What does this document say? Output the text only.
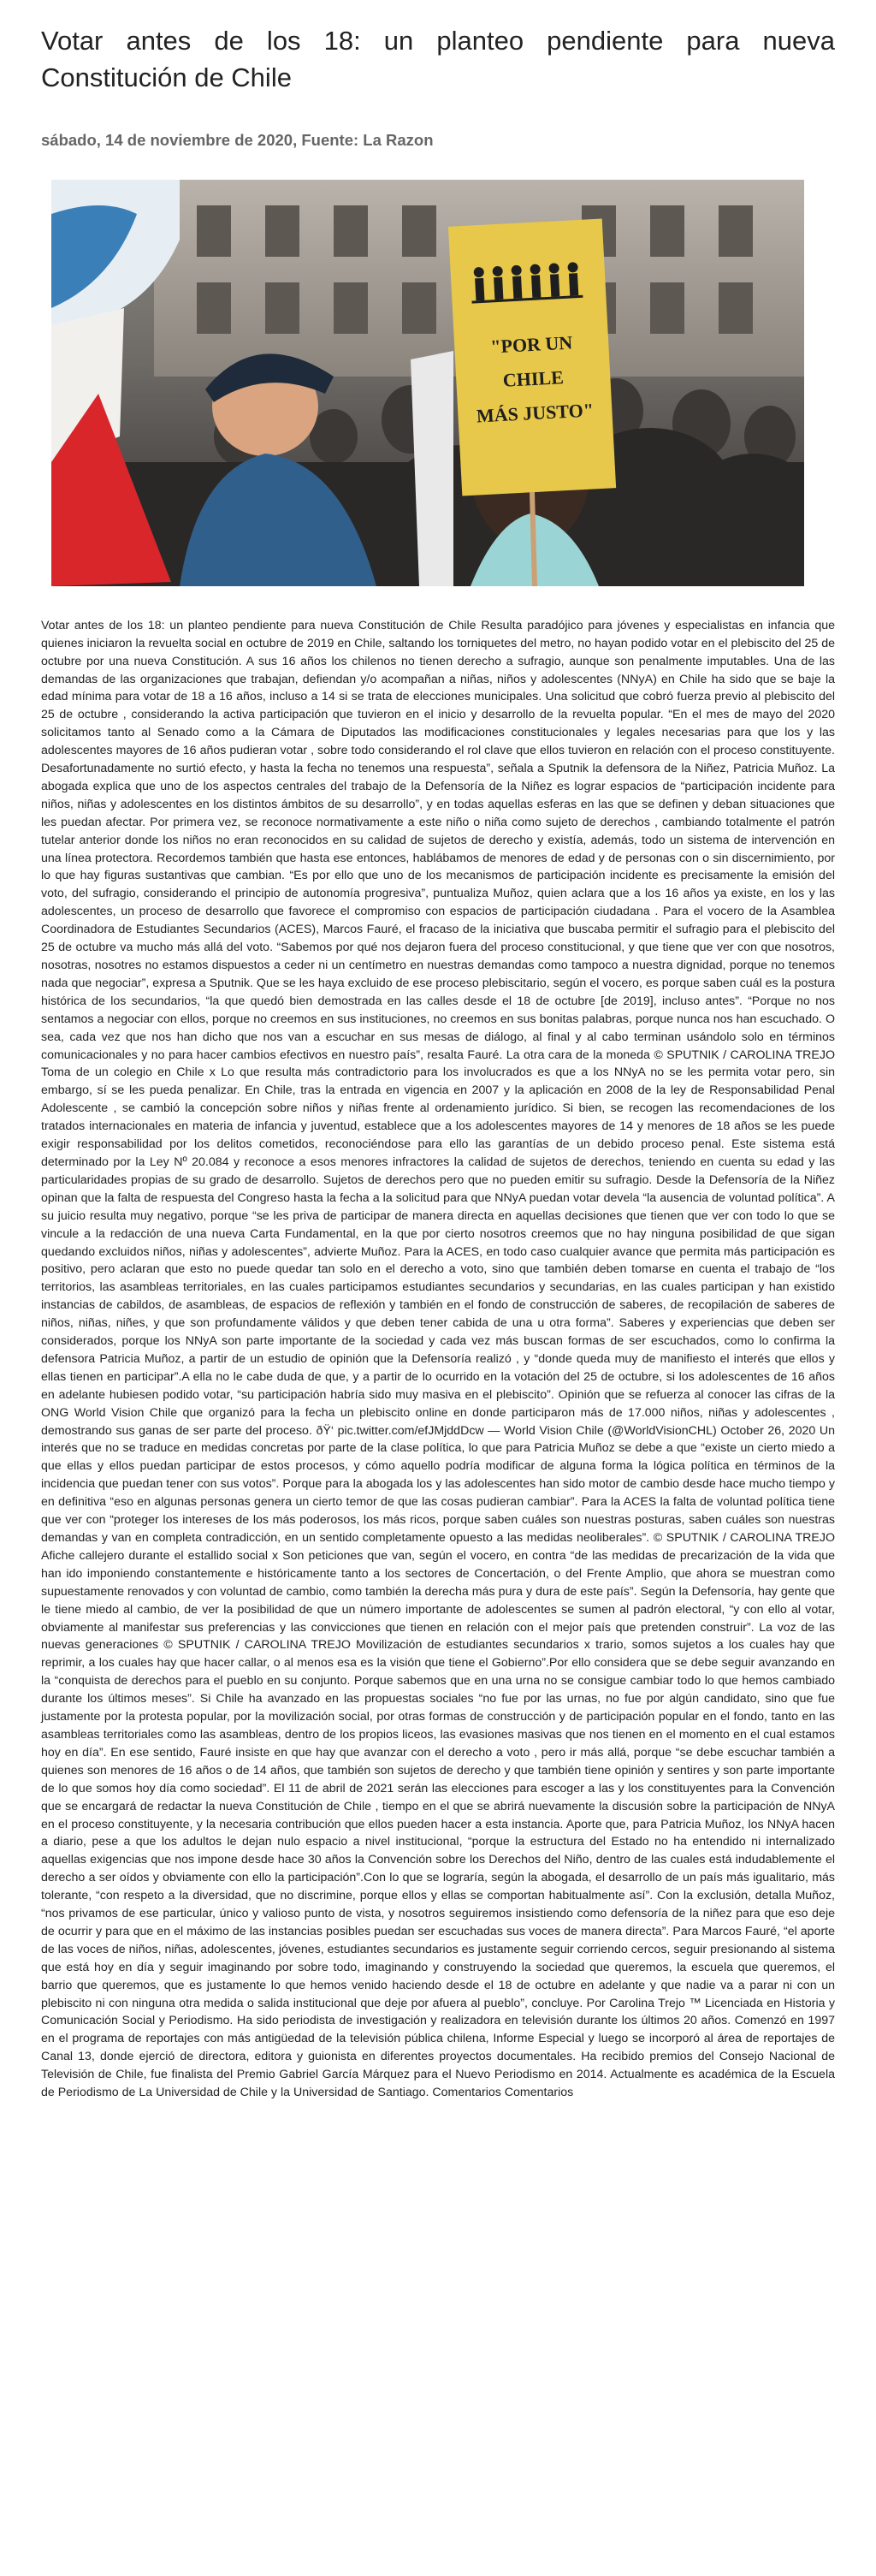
Votar antes de los 18: un planteo pendiente para nueva Constitución de Chile
sábado, 14 de noviembre de 2020, Fuente: La Razon
"POR UN
CHILE
MÁS JUSTO"

Votar antes de los 18: un planteo pendiente para nueva Constitución de Chile Resulta paradójico para jóvenes y especialistas en infancia que quienes iniciaron la revuelta social en octubre de 2019 en Chile, saltando los torniquetes del metro, no hayan podido votar en el plebiscito del 25 de octubre por una nueva Constitución. A sus 16 años los chilenos no tienen derecho a sufragio, aunque son penalmente imputables. Una de las demandas de las organizaciones que trabajan, defiendan y/o acompañan a niñas, niños y adolescentes (NNyA) en Chile ha sido que se baje la edad mínima para votar de 18 a 16 años, incluso a 14 si se trata de elecciones municipales. Una solicitud que cobró fuerza previo al plebiscito del 25 de octubre , considerando la activa participación que tuvieron en el inicio y desarrollo de la revuelta popular. “En el mes de mayo del 2020 solicitamos tanto al Senado como a la Cámara de Diputados las modificaciones constitucionales y legales necesarias para que los y las adolescentes mayores de 16 años pudieran votar , sobre todo considerando el rol clave que ellos tuvieron en relación con el proceso constituyente. Desafortunadamente no surtió efecto, y hasta la fecha no tenemos una respuesta”, señala a Sputnik la defensora de la Niñez, Patricia Muñoz. La abogada explica que uno de los aspectos centrales del trabajo de la Defensoría de la Niñez es lograr espacios de “participación incidente para niños, niñas y adolescentes en los distintos ámbitos de su desarrollo”, y en todas aquellas esferas en las que se definen y deban situaciones que les puedan afectar. Por primera vez, se reconoce normativamente a este niño o niña como sujeto de derechos , cambiando totalmente el patrón tutelar anterior donde los niños no eran reconocidos en su calidad de sujetos de derecho y existía, además, todo un sistema de intervención en una línea protectora. Recordemos también que hasta ese entonces, hablábamos de menores de edad y de personas con o sin discernimiento, por lo que hay figuras sustantivas que cambian. “Es por ello que uno de los mecanismos de participación incidente es precisamente la emisión del voto, del sufragio, considerando el principio de autonomía progresiva”, puntualiza Muñoz, quien aclara que a los 16 años ya existe, en los y las adolescentes, un proceso de desarrollo que favorece el compromiso con espacios de participación ciudadana . Para el vocero de la Asamblea Coordinadora de Estudiantes Secundarios (ACES), Marcos Fauré, el fracaso de la iniciativa que buscaba permitir el sufragio para el plebiscito del 25 de octubre va mucho más allá del voto. “Sabemos por qué nos dejaron fuera del proceso constitucional, y que tiene que ver con que nosotros, nosotras, nosotres no estamos dispuestos a ceder ni un centímetro en nuestras demandas como tampoco a nuestra dignidad, porque no tenemos nada que negociar”, expresa a Sputnik. Que se les haya excluido de ese proceso plebiscitario, según el vocero, es porque saben cuál es la postura histórica de los secundarios, “la que quedó bien demostrada en las calles desde el 18 de octubre [de 2019], incluso antes”. “Porque no nos sentamos a negociar con ellos, porque no creemos en sus instituciones, no creemos en sus bonitas palabras, porque nunca nos han escuchado. O sea, cada vez que nos han dicho que nos van a escuchar en sus mesas de diálogo, al final y al cabo terminan usándolo solo en términos comunicacionales y no para hacer cambios efectivos en nuestro país”, resalta Fauré. La otra cara de la moneda © SPUTNIK / CAROLINA TREJO Toma de un colegio en Chile x Lo que resulta más contradictorio para los involucrados es que a los NNyA no se les permita votar pero, sin embargo, sí se les pueda penalizar. En Chile, tras la entrada en vigencia en 2007 y la aplicación en 2008 de la ley de Responsabilidad Penal Adolescente , se cambió la concepción sobre niños y niñas frente al ordenamiento jurídico. Si bien, se recogen las recomendaciones de los tratados internacionales en materia de infancia y juventud, establece que a los adolescentes mayores de 14 y menores de 18 años se les puede exigir responsabilidad por los delitos cometidos, reconociéndose para ello las garantías de un debido proceso penal. Este sistema está determinado por la Ley Nº 20.084 y reconoce a esos menores infractores la calidad de sujetos de derechos, teniendo en cuenta su edad y las particularidades propias de su grado de desarrollo. Sujetos de derechos pero que no pueden emitir su sufragio. Desde la Defensoría de la Niñez opinan que la falta de respuesta del Congreso hasta la fecha a la solicitud para que NNyA puedan votar devela “la ausencia de voluntad política”. A su juicio resulta muy negativo, porque “se les priva de participar de manera directa en aquellas decisiones que tienen que ver con todo lo que se vincule a la redacción de una nueva Carta Fundamental, en la que por cierto nosotros creemos que no hay ninguna posibilidad de que sigan quedando excluidos niños, niñas y adolescentes”, advierte Muñoz. Para la ACES, en todo caso cualquier avance que permita más participación es positivo, pero aclaran que esto no puede quedar tan solo en el derecho a voto, sino que también deben tomarse en cuenta el trabajo de “los territorios, las asambleas territoriales, en las cuales participamos estudiantes secundarios y secundarias, en las cuales participan y han existido instancias de cabildos, de asambleas, de espacios de reflexión y también en el fondo de construcción de saberes, de recopilación de saberes de niños, niñas, niñes, y que son profundamente válidos y que deben tener cabida de una u otra forma”. Saberes y experiencias que deben ser considerados, porque los NNyA son parte importante de la sociedad y cada vez más buscan formas de ser escuchados, como lo confirma la defensora Patricia Muñoz, a partir de un estudio de opinión que la Defensoría realizó , y “donde queda muy de manifiesto el interés que ellos y ellas tienen en participar”.A ella no le cabe duda de que, y a partir de lo ocurrido en la votación del 25 de octubre, si los adolescentes de 16 años en adelante hubiesen podido votar, “su participación habría sido muy masiva en el plebiscito”. Opinión que se refuerza al conocer las cifras de la ONG World Vision Chile que organizó para la fecha un plebiscito online en donde participaron más de 17.000 niños, niñas y adolescentes , demostrando sus ganas de ser parte del proceso. ðŸ‘ pic.twitter.com/efJMjddDcw — World Vision Chile (@WorldVisionCHL) October 26, 2020 Un interés que no se traduce en medidas concretas por parte de la clase política, lo que para Patricia Muñoz se debe a que “existe un cierto miedo a que ellas y ellos puedan participar de estos procesos, y cómo aquello podría modificar de alguna forma la lógica política en términos de la incidencia que puedan tener con sus votos”. Porque para la abogada los y las adolescentes han sido motor de cambio desde hace mucho tiempo y en definitiva “eso en algunas personas genera un cierto temor de que las cosas pudieran cambiar”. Para la ACES la falta de voluntad política tiene que ver con “proteger los intereses de los más poderosos, los más ricos, porque saben cuáles son nuestras posturas, saben cuáles son nuestras demandas y van en completa contradicción, en un sentido completamente opuesto a las medidas neoliberales”. © SPUTNIK / CAROLINA TREJO Afiche callejero durante el estallido social x Son peticiones que van, según el vocero, en contra “de las medidas de precarización de la vida que han ido imponiendo constantemente e históricamente tanto a los sectores de Concertación, o del Frente Amplio, que ahora se muestran como supuestamente renovados y con voluntad de cambio, como también la derecha más pura y dura de este país”. Según la Defensoría, hay gente que le tiene miedo al cambio, de ver la posibilidad de que un número importante de adolescentes se sumen al padrón electoral, “y con ello al votar, obviamente al manifestar sus preferencias y las convicciones que tienen en relación con el mejor país que pretenden construir”. La voz de las nuevas generaciones © SPUTNIK / CAROLINA TREJO Movilización de estudiantes secundarios x trario, somos sujetos a los cuales hay que reprimir, a los cuales hay que hacer callar, o al menos esa es la visión que tiene el Gobierno”.Por ello considera que se debe seguir avanzando en la “conquista de derechos para el pueblo en su conjunto. Porque sabemos que en una urna no se consigue cambiar todo lo que hemos cambiado durante los últimos meses”. Si Chile ha avanzado en las propuestas sociales “no fue por las urnas, no fue por algún candidato, sino que fue justamente por la protesta popular, por la movilización social, por otras formas de construcción y de participación popular en el fondo, tanto en las asambleas territoriales como las asambleas, dentro de los propios liceos, las evasiones masivas que nos tienen en el momento en el cual estamos hoy en día”. En ese sentido, Fauré insiste en que hay que avanzar con el derecho a voto , pero ir más allá, porque “se debe escuchar también a quienes son menores de 16 años o de 14 años, que también son sujetos de derecho y que también tiene opinión y sentires y son parte importante de lo que somos hoy día como sociedad”. El 11 de abril de 2021 serán las elecciones para escoger a las y los constituyentes para la Convención que se encargará de redactar la nueva Constitución de Chile , tiempo en el que se abrirá nuevamente la discusión sobre la participación de NNyA en el proceso constituyente, y la necesaria contribución que ellos pueden hacer a esta instancia. Aporte que, para Patricia Muñoz, los NNyA hacen a diario, pese a que los adultos le dejan nulo espacio a nivel institucional, “porque la estructura del Estado no ha entendido ni internalizado aquellas exigencias que nos impone desde hace 30 años la Convención sobre los Derechos del Niño, dentro de las cuales está indudablemente el derecho a ser oídos y obviamente con ello la participación”.Con lo que se lograría, según la abogada, el desarrollo de un país más igualitario, más tolerante, “con respeto a la diversidad, que no discrimine, porque ellos y ellas se comportan habitualmente así”. Con la exclusión, detalla Muñoz, “nos privamos de ese particular, único y valioso punto de vista, y nosotros seguiremos insistiendo como defensoría de la niñez para que eso deje de ocurrir y para que en el máximo de las instancias posibles puedan ser escuchadas sus voces de manera directa”. Para Marcos Fauré, “el aporte de las voces de niños, niñas, adolescentes, jóvenes, estudiantes secundarios es justamente seguir corriendo cercos, seguir presionando al sistema que está hoy en día y seguir imaginando por sobre todo, imaginando y construyendo la sociedad que queremos, la escuela que queremos, el barrio que queremos, que es justamente lo que hemos venido haciendo desde el 18 de octubre en adelante y que nadie va a parar ni con un plebiscito ni con ninguna otra medida o salida institucional que deje por afuera al pueblo”, concluye. Por Carolina Trejo ™ Licenciada en Historia y Comunicación Social y Periodismo. Ha sido periodista de investigación y realizadora en televisión durante los últimos 20 años. Comenzó en 1997 en el programa de reportajes con más antigüedad de la televisión pública chilena, Informe Especial y luego se incorporó al área de reportajes de Canal 13, donde ejerció de directora, editora y guionista en diferentes proyectos documentales. Ha recibido premios del Consejo Nacional de Televisión de Chile, fue finalista del Premio Gabriel García Márquez para el Nuevo Periodismo en 2014. Actualmente es académica de la Escuela de Periodismo de La Universidad de Chile y la Universidad de Santiago. Comentarios Comentarios
